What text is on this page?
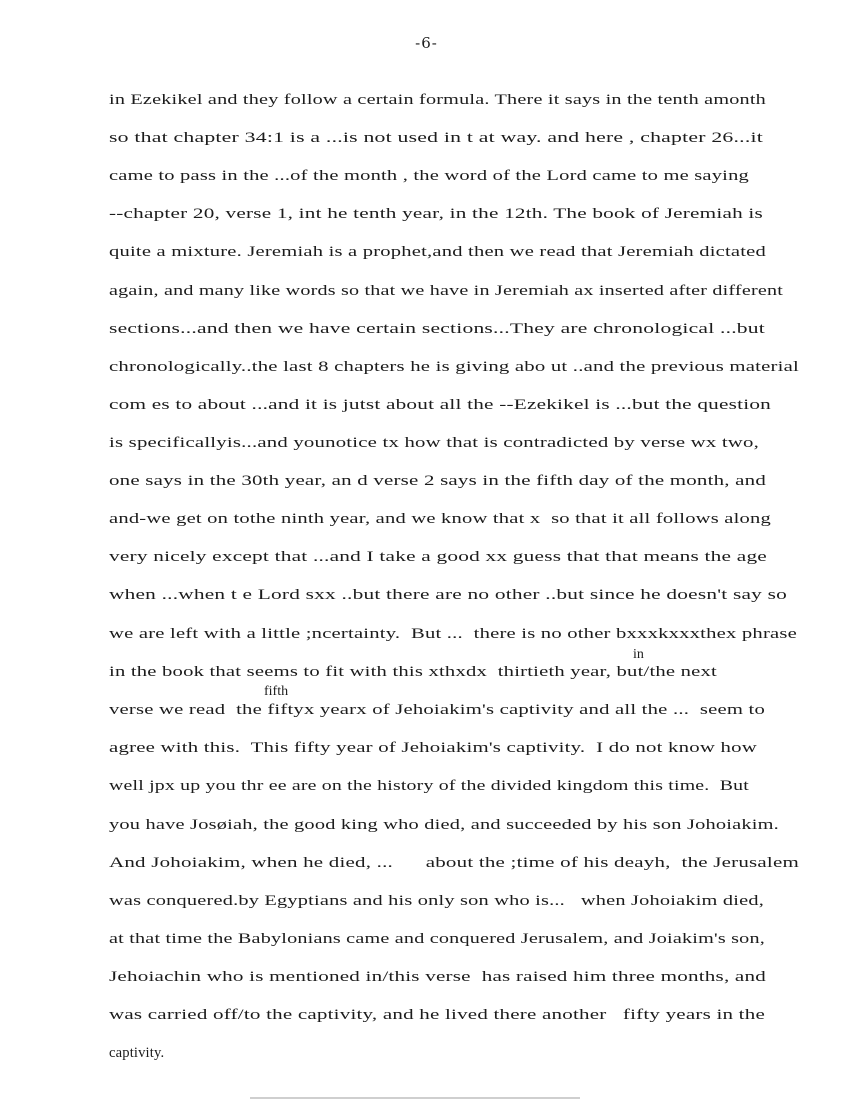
-6-
in Ezekikel and they follow a certain formula. There it says in the tenth amonth
so that chapter 34:1 is a ...is not used in t at way. and here , chapter 26...it
came to pass in the ...of the month , the word of the Lord came to me saying
--chapter 20, verse 1, int he tenth year, in the 12th. The book of Jeremiah is
quite a mixture. Jeremiah is a prophet,and then we read that Jeremiah dictated
again, and many like words so that we have in Jeremiah ax inserted after different
sections...and then we have certain sections...They are chronological ...but
chronologically..the last 8 chapters he is giving abo ut ..and the previous material
com es to about ...and it is jutst about all the --Ezekikel is ...but the question
is specificallyis...and younotice tx how that is contradicted by verse wx two,
one says in the 30th year, an d verse 2 says in the fifth day of the month, and
and-we get on tothe ninth year, and we know that x  so that it all follows along
very nicely except that ...and I take a good xx guess that that means the age
when ...when t e Lord sxx ..but there are no other ..but since he doesn't say so
we are left with a little ;ncertainty.  But ...  there is no other bxxxkxxxthex phrase
in the book that seems to fit with this xthxdx  thirtieth year, but/the next
verse we read  the fiftyx yearx of Jehoiakim's captivity and all the ...  seem to
agree with this.  This fifty year of Jehoiakim's captivity.  I do not know how
well jpx up you thr ee are on the history of the divided kingdom this time.  But
you have Josøiah, the good king who died, and succeeded by his son Johoiakim.
And Johoiakim, when he died, ...      about the ;time of his deayh,  the Jerusalem
was conquered.by Egyptians and his only son who is...   when Johoiakim died,
at that time the Babylonians came and conquered Jerusalem, and Joiakim's son,
Jehoiachin who is mentioned in/this verse  has raised him three months, and
was carried off/to the captivity, and he lived there another   fifty years in the
captivity.
in
fifth
